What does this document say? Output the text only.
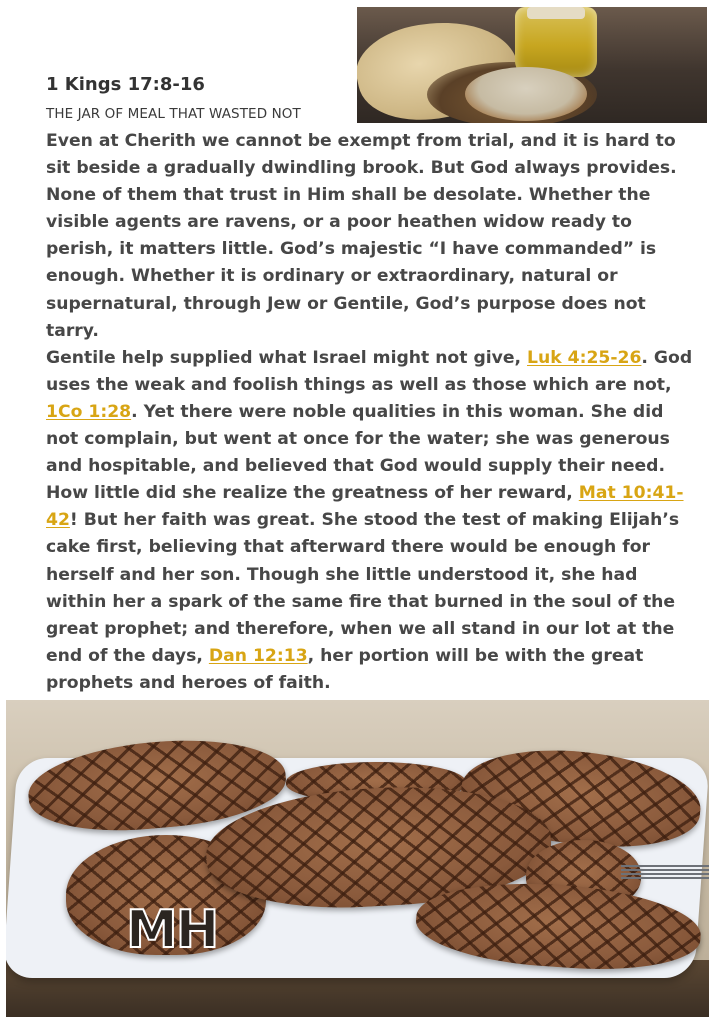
1 Kings 17:8-16
THE JAR OF MEAL THAT WASTED NOT

Even at Cherith we cannot be exempt from trial, and it is hard to sit beside a gradually dwindling brook. But God always provides. None of them that trust in Him shall be desolate. Whether the visible agents are ravens, or a poor heathen widow ready to perish, it matters little. God’s majestic “I have commanded” is enough. Whether it is ordinary or extraordinary, natural or supernatural, through Jew or Gentile, God’s purpose does not tarry.

Gentile help supplied what Israel might not give, Luk 4:25-26. God uses the weak and foolish things as well as those which are not, 1Co 1:28. Yet there were noble qualities in this woman. She did not complain, but went at once for the water; she was generous and hospitable, and believed that God would supply their need. How little did she realize the greatness of her reward, Mat 10:41-42! But her faith was great. She stood the test of making Elijah’s cake first, believing that afterward there would be enough for herself and her son. Though she little understood it, she had within her a spark of the same fire that burned in the soul of the great prophet; and therefore, when we all stand in our lot at the end of the days, Dan 12:13, her portion will be with the great prophets and heroes of faith.

MH
